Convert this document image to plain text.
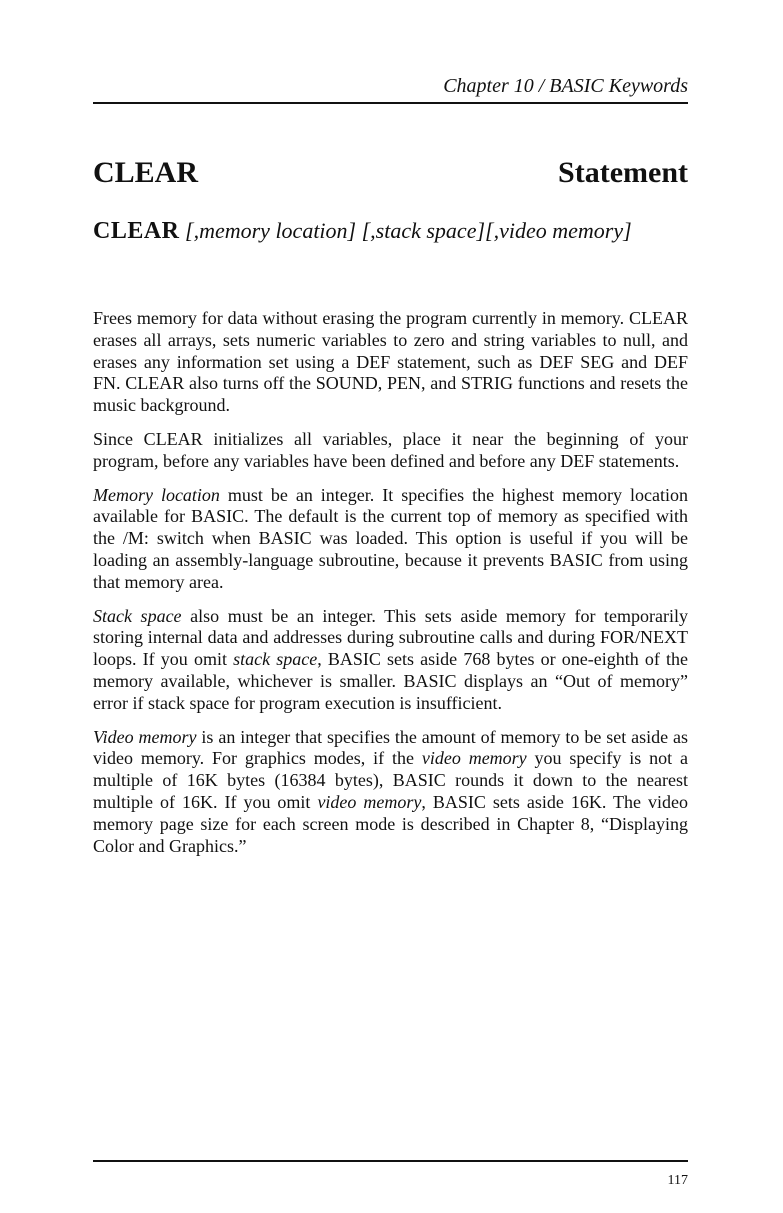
Chapter 10 / BASIC Keywords
CLEAR	Statement
CLEAR [,memory location] [,stack space][,video memory]

Frees memory for data without erasing the program currently in memory. CLEAR erases all arrays, sets numeric variables to zero and string variables to null, and erases any information set using a DEF statement, such as DEF SEG and DEF FN. CLEAR also turns off the SOUND, PEN, and STRIG functions and resets the music background.

Since CLEAR initializes all variables, place it near the beginning of your program, before any variables have been defined and before any DEF statements.

Memory location must be an integer. It specifies the highest memory location available for BASIC. The default is the current top of memory as specified with the /M: switch when BASIC was loaded. This option is useful if you will be loading an assembly-language subroutine, because it prevents BASIC from using that memory area.

Stack space also must be an integer. This sets aside memory for temporarily storing internal data and addresses during subroutine calls and during FOR/NEXT loops. If you omit stack space, BASIC sets aside 768 bytes or one-eighth of the memory available, whichever is smaller. BASIC displays an “Out of memory” error if stack space for program execution is insufficient.

Video memory is an integer that specifies the amount of memory to be set aside as video memory. For graphics modes, if the video memory you specify is not a multiple of 16K bytes (16384 bytes), BASIC rounds it down to the nearest multiple of 16K. If you omit video memory, BASIC sets aside 16K. The video memory page size for each screen mode is described in Chapter 8, “Displaying Color and Graphics.”

117
